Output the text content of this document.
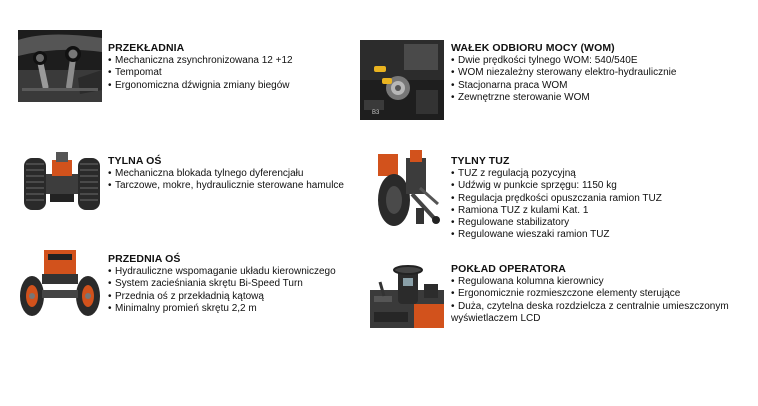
PRZEKŁADNIA
• Mechaniczna zsynchronizowana 12 +12
• Tempomat
• Ergonomiczna dźwignia zmiany biegów
B3
WAŁEK ODBIORU MOCY (WOM)
• Dwie prędkości tylnego WOM: 540/540E
• WOM niezależny sterowany elektro-hydraulicznie
• Stacjonarna praca WOM
• Zewnętrzne sterowanie WOM
TYLNA OŚ
• Mechaniczna blokada tylnego dyferencjału
• Tarczowe, mokre, hydraulicznie sterowane hamulce
TYLNY TUZ
• TUZ z regulacją pozycyjną
• Udźwig w punkcie sprzęgu: 1150 kg
• Regulacja prędkości opuszczania ramion TUZ
• Ramiona TUZ z kulami Kat. 1
• Regulowane stabilizatory
• Regulowane wieszaki ramion TUZ
PRZEDNIA OŚ
• Hydrauliczne wspomaganie układu kierowniczego
• System zacieśniania skrętu Bi-Speed Turn
• Przednia oś z przekładnią kątową
• Minimalny promień skrętu 2,2 m
POKŁAD OPERATORA
• Regulowana kolumna kierownicy
• Ergonomicznie rozmieszczone elementy sterujące
• Duża, czytelna deska rozdzielcza z centralnie umieszczonym wyświetlaczem LCD
